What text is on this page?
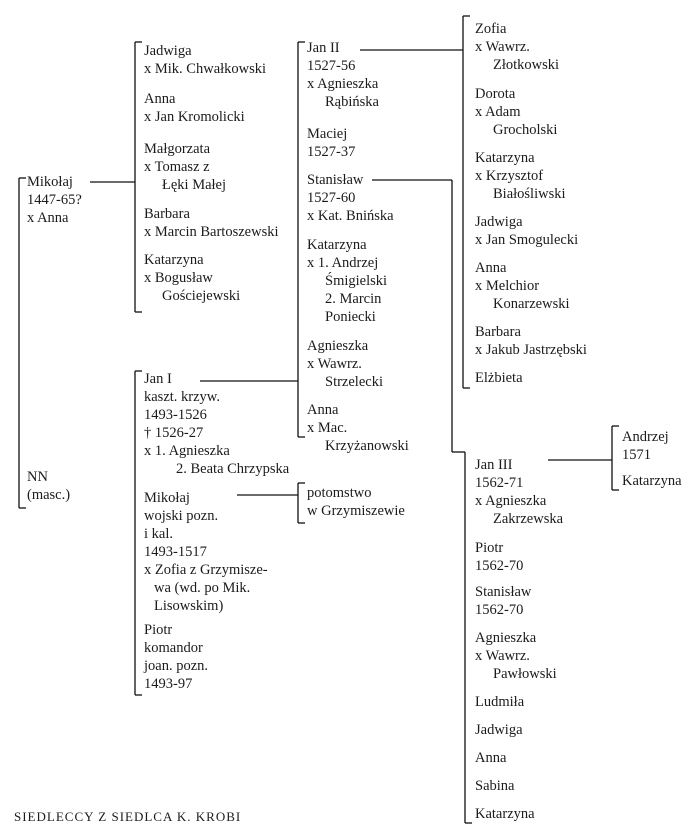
Mikołaj
1447-65?
x Anna
NN
(masc.)
Jadwiga
x Mik. Chwałkowski
Anna
x Jan Kromolicki
Małgorzata
x Tomasz z
Łęki Małej
Barbara
x Marcin Bartoszewski
Katarzyna
x Bogusław
Gościejewski
Jan I
kaszt. krzyw.
1493-1526
† 1526-27
x 1. Agnieszka
2. Beata Chrzypska
Mikołaj
wojski pozn.
i kal.
1493-1517
x Zofia z Grzymisze-
wa (wd. po Mik.
Lisowskim)
Piotr
komandor
joan. pozn.
1493-97
Jan II
1527-56
x Agnieszka
Rąbińska
Maciej
1527-37
Stanisław
1527-60
x Kat. Bnińska
Katarzyna
x 1. Andrzej
Śmigielski
2. Marcin
Poniecki
Agnieszka
x Wawrz.
Strzelecki
Anna
x Mac.
Krzyżanowski
potomstwo
w Grzymiszewie
Zofia
x Wawrz.
Złotkowski
Dorota
x Adam
Grocholski
Katarzyna
x Krzysztof
Białośliwski
Jadwiga
x Jan Smogulecki
Anna
x Melchior
Konarzewski
Barbara
x Jakub Jastrzębski
Elżbieta
Jan III
1562-71
x Agnieszka
Zakrzewska
Piotr
1562-70
Stanisław
1562-70
Agnieszka
x Wawrz.
Pawłowski
Ludmiła
Jadwiga
Anna
Sabina
Katarzyna
Andrzej
1571
Katarzyna
SIEDLECCY Z SIEDLCA K. KROBI
